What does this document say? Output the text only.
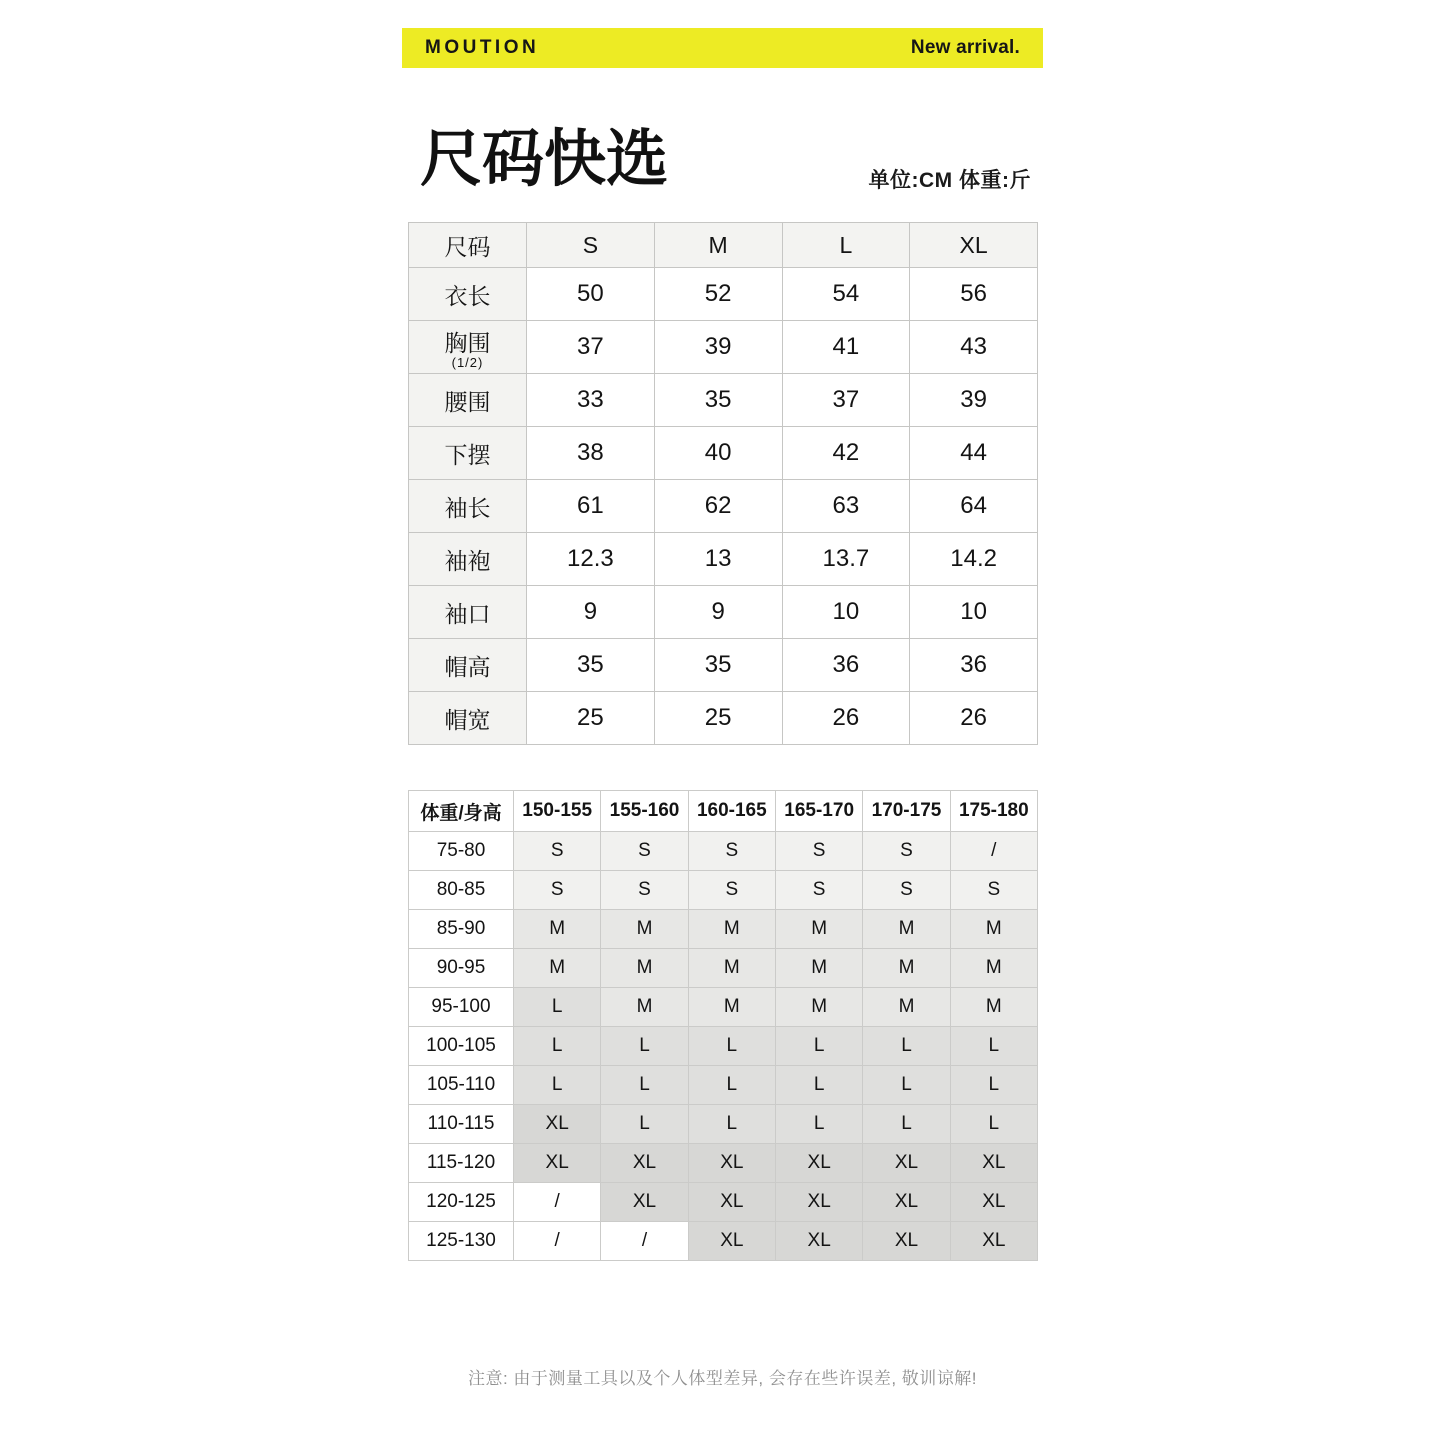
MOUTION	New arrival.
尺码快选	单位:CM 体重:斤
尺码	S	M	L	XL
衣长	50	52	54	56
胸围
(1/2)	37	39	41	43
腰围	33	35	37	39
下摆	38	40	42	44
袖长	61	62	63	64
袖袍	12.3	13	13.7	14.2
袖口	9	9	10	10
帽高	35	35	36	36
帽宽	25	25	26	26
体重/身高	150-155	155-160	160-165	165-170	170-175	175-180
75-80	S	S	S	S	S	/
80-85	S	S	S	S	S	S
85-90	M	M	M	M	M	M
90-95	M	M	M	M	M	M
95-100	L	M	M	M	M	M
100-105	L	L	L	L	L	L
105-110	L	L	L	L	L	L
110-115	XL	L	L	L	L	L
115-120	XL	XL	XL	XL	XL	XL
120-125	/	XL	XL	XL	XL	XL
125-130	/	/	XL	XL	XL	XL
注意: 由于测量工具以及个人体型差异, 会存在些许误差, 敬训谅解!
